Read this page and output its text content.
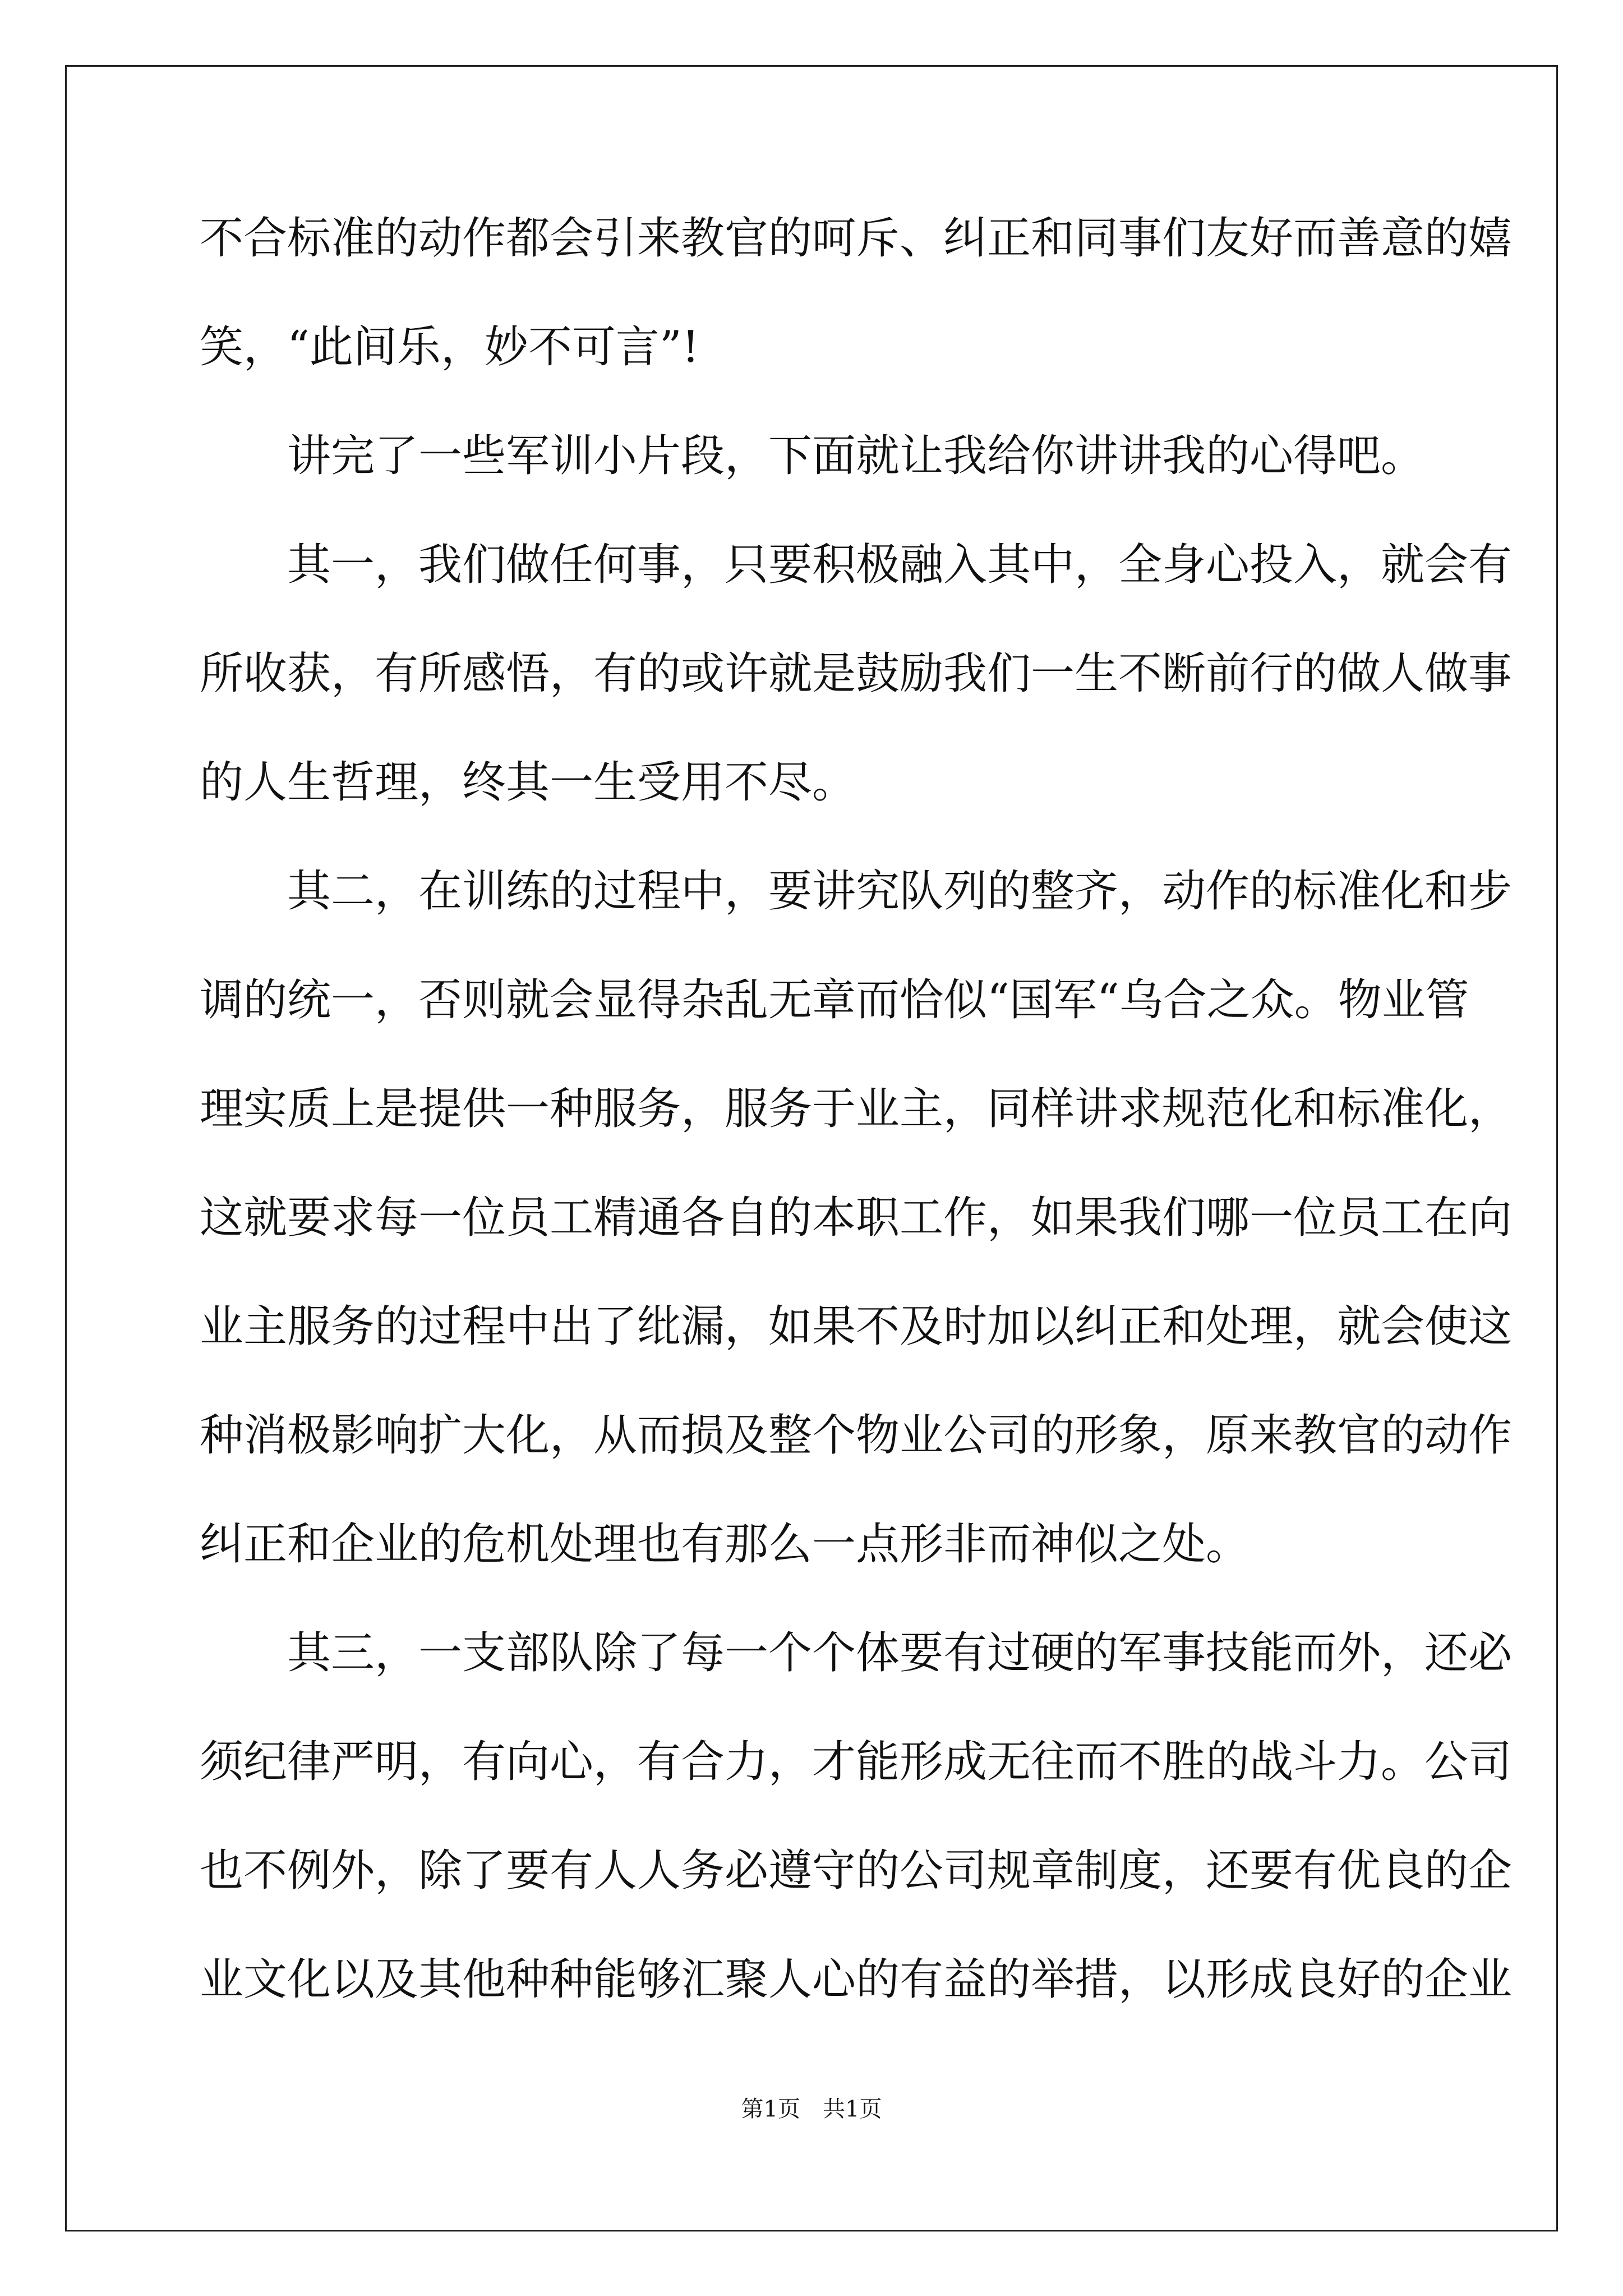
不合标准的动作都会引来教官的呵斥、纠正和同事们友好而善意的嬉
笑，“此间乐，妙不可言”!
讲完了一些军训小片段，下面就让我给你讲讲我的心得吧。
其一，我们做任何事，只要积极融入其中，全身心投入，就会有
所收获，有所感悟，有的或许就是鼓励我们一生不断前行的做人做事
的人生哲理，终其一生受用不尽。
其二，在训练的过程中，要讲究队列的整齐，动作的标准化和步
调的统一，否则就会显得杂乱无章而恰似“国军“乌合之众。物业管
理实质上是提供一种服务，服务于业主，同样讲求规范化和标准化，
这就要求每一位员工精通各自的本职工作，如果我们哪一位员工在向
业主服务的过程中出了纰漏，如果不及时加以纠正和处理，就会使这
种消极影响扩大化，从而损及整个物业公司的形象，原来教官的动作
纠正和企业的危机处理也有那么一点形非而神似之处。
其三，一支部队除了每一个个体要有过硬的军事技能而外，还必
须纪律严明，有向心，有合力，才能形成无往而不胜的战斗力。公司
也不例外，除了要有人人务必遵守的公司规章制度，还要有优良的企
业文化以及其他种种能够汇聚人心的有益的举措，以形成良好的企业
第1页　共1页
